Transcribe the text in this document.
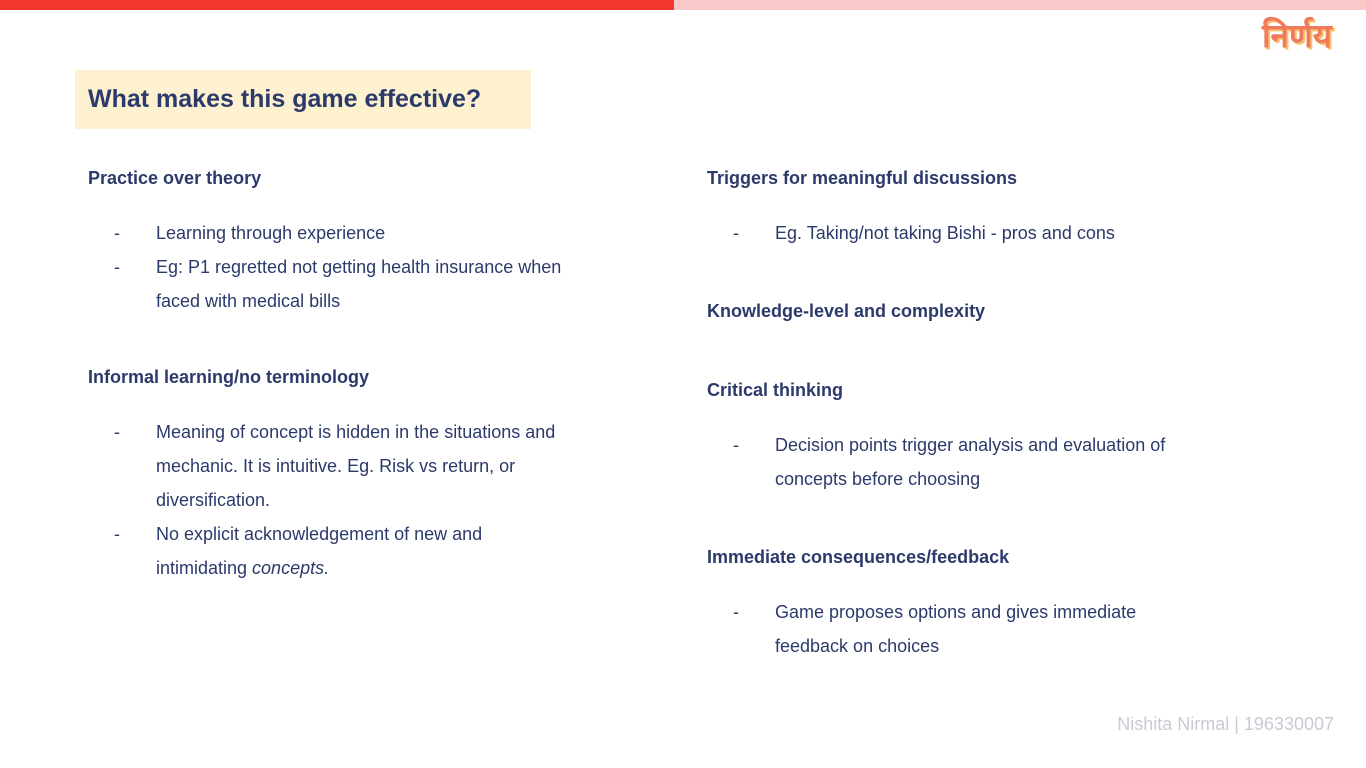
निर्णय
What makes this game effective?
Practice over theory
- Learning through experience
- Eg: P1 regretted not getting health insurance when faced with medical bills
Informal learning/no terminology
- Meaning of concept is hidden in the situations and mechanic. It is intuitive. Eg. Risk vs return, or diversification.
- No explicit acknowledgement of new and intimidating concepts.
Triggers for meaningful discussions
- Eg. Taking/not taking Bishi - pros and cons
Knowledge-level and complexity
Critical thinking
- Decision points trigger analysis and evaluation of concepts before choosing
Immediate consequences/feedback
- Game proposes options and gives immediate feedback on choices
Nishita Nirmal | 196330007
